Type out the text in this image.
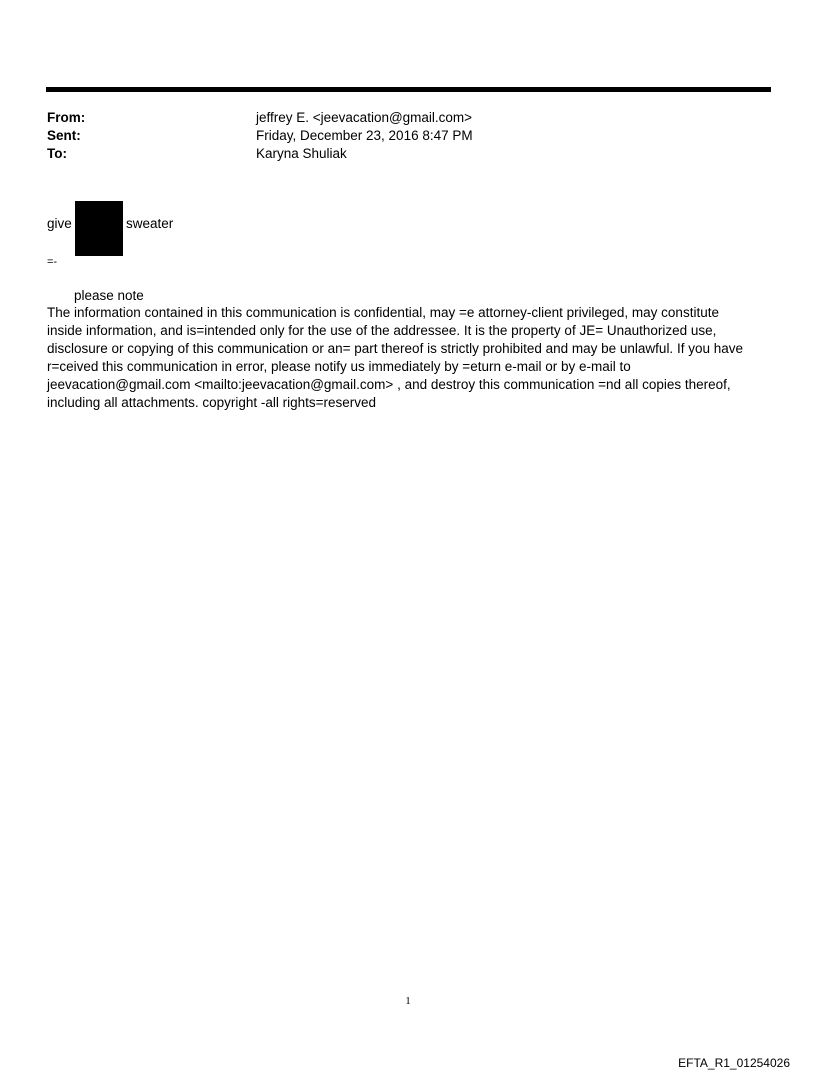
From:	jeffrey E. <jeevacation@gmail.com>
Sent:	Friday, December 23, 2016 8:47 PM
To:	Karyna Shuliak
give	sweater
=-
please note

The information contained in this communication is confidential, may =e attorney-client privileged, may constitute

inside information, and is=intended only for the use of the addressee. It is the property of JE= Unauthorized use,

disclosure or copying of this communication or an= part thereof is strictly prohibited and may be unlawful. If you have

r=ceived this communication in error, please notify us immediately by =eturn e-mail or by e-mail to

jeevacation@gmail.com <mailto:jeevacation@gmail.com> , and destroy this communication =nd all copies thereof,

including all attachments. copyright -all rights=reserved

1
EFTA_R1_01254026
